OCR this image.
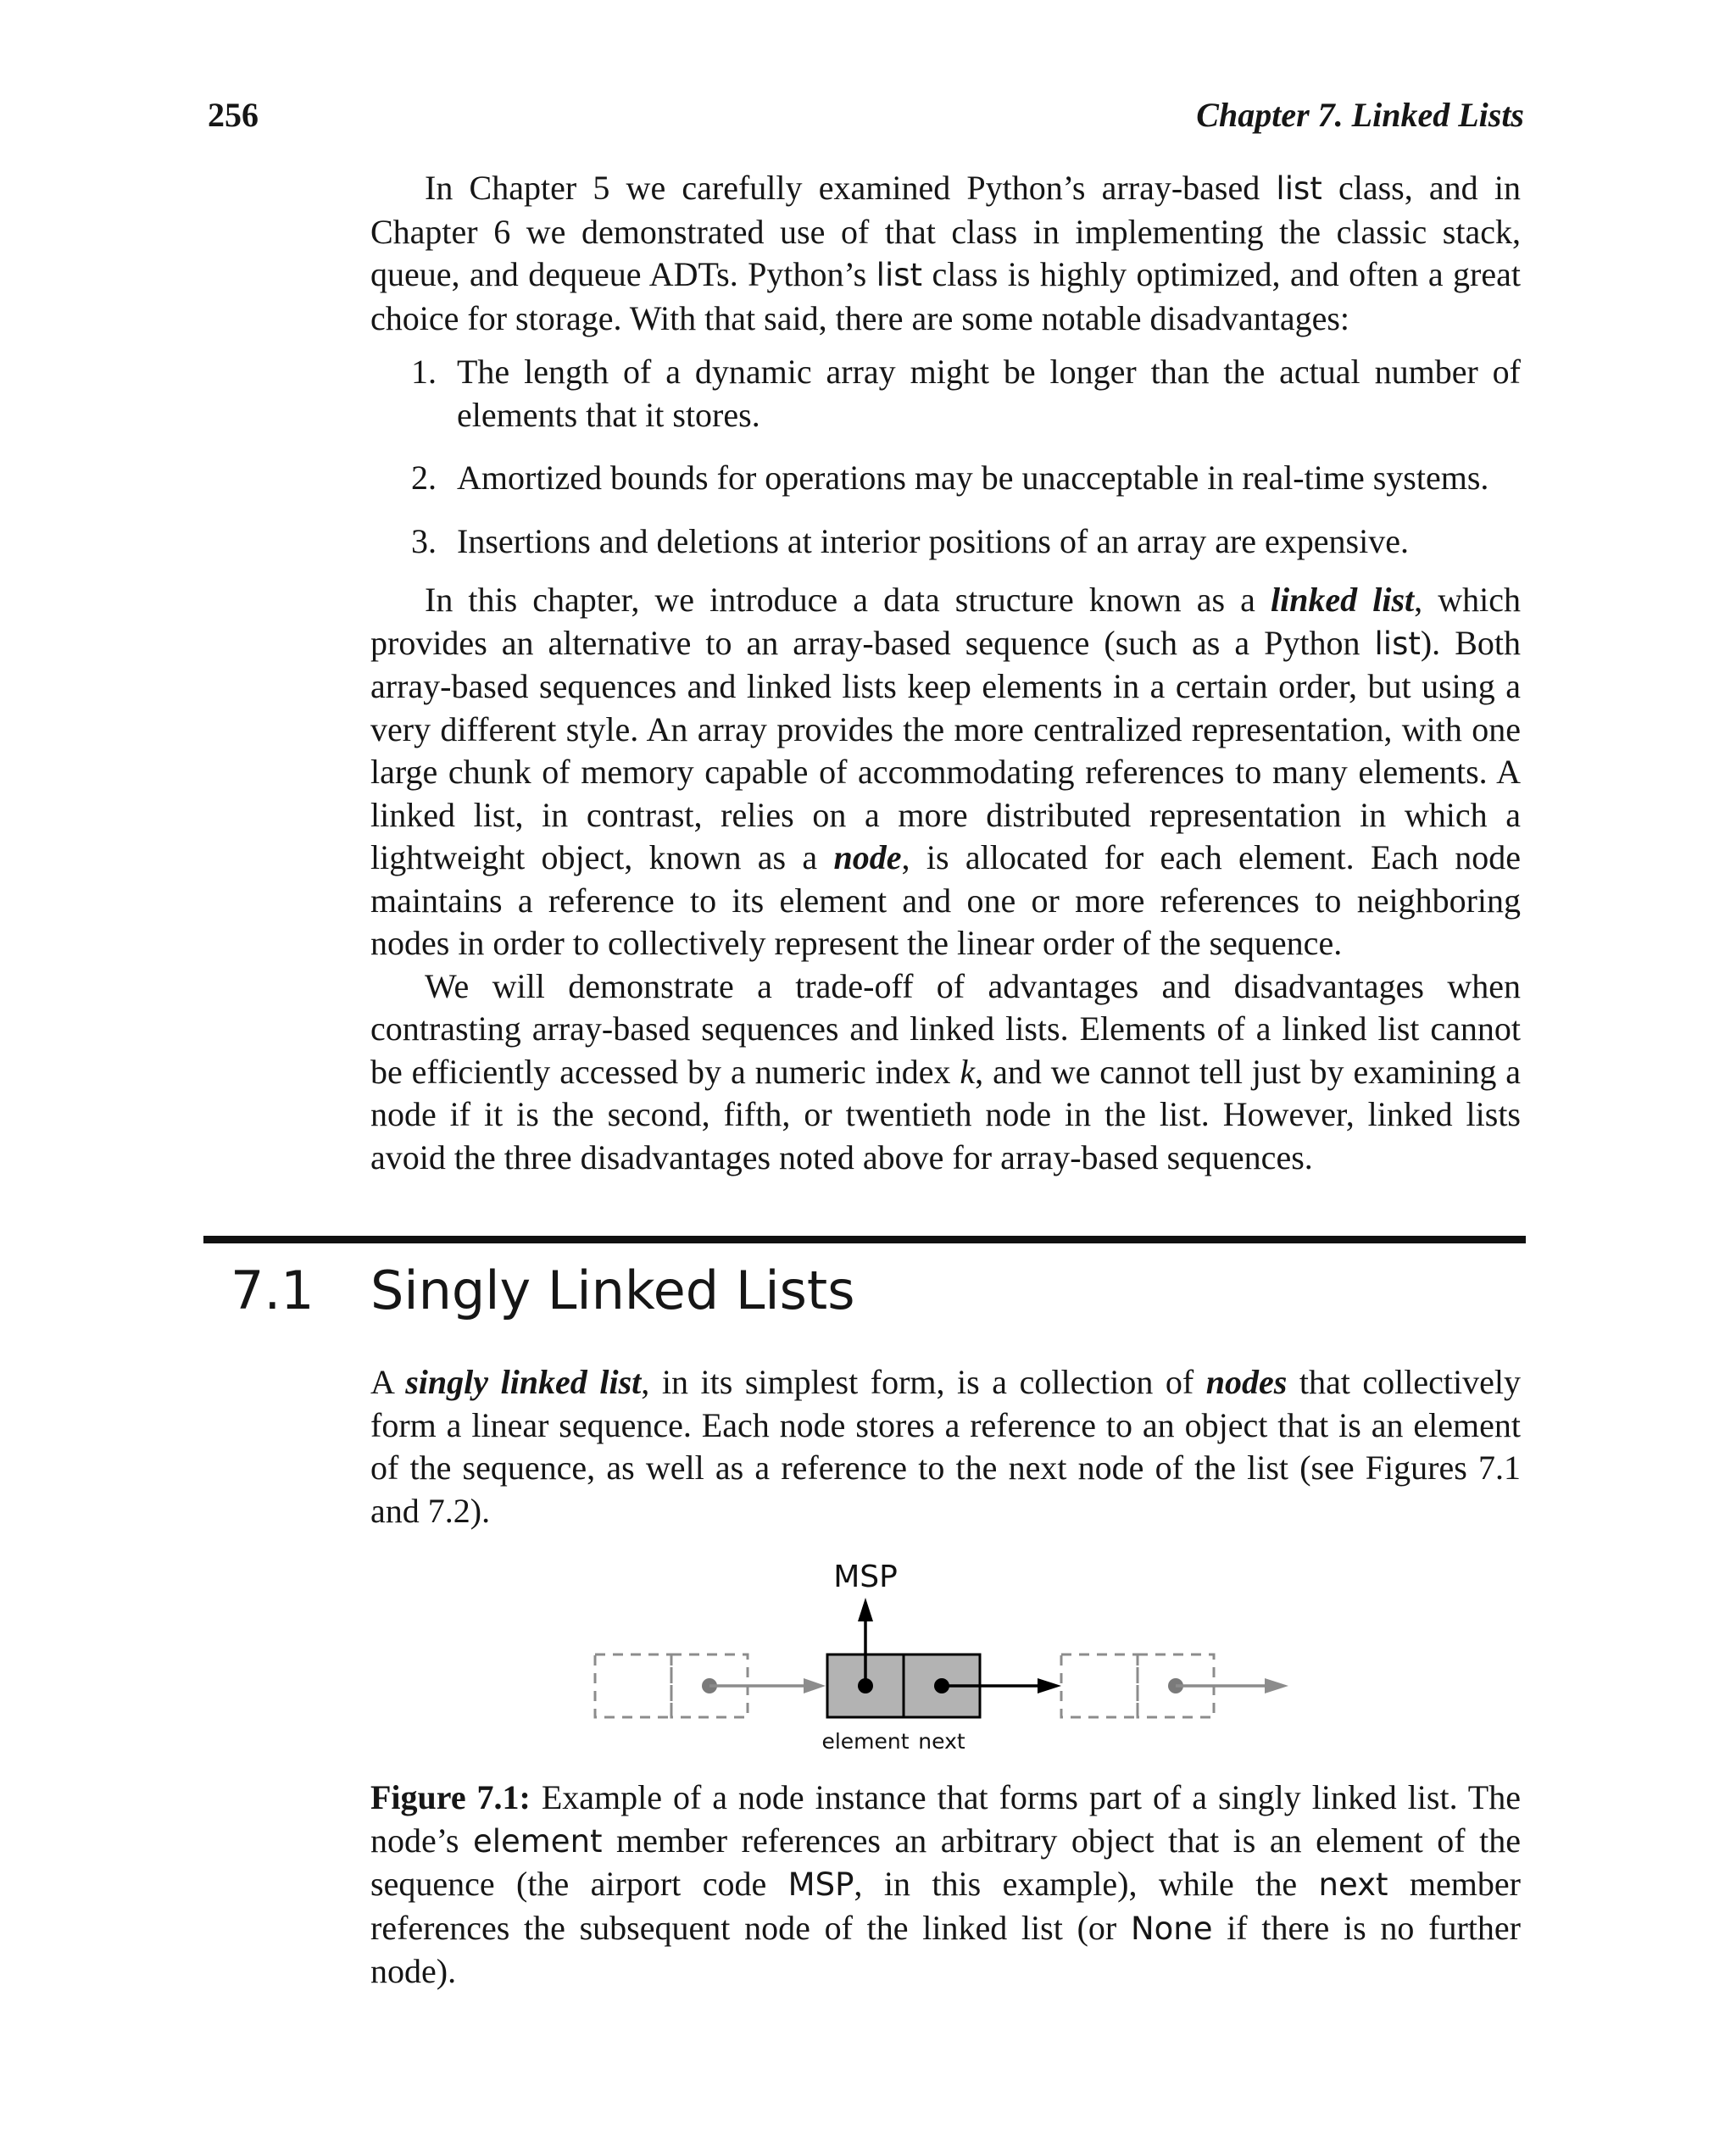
256	Chapter 7. Linked Lists

In Chapter 5 we carefully examined Python’s array-based list class, and in Chapter 6 we demonstrated use of that class in implementing the classic stack, queue, and dequeue ADTs. Python’s list class is highly optimized, and often a great choice for storage. With that said, there are some notable disadvantages:

1. The length of a dynamic array might be longer than the actual number of elements that it stores.
2. Amortized bounds for operations may be unacceptable in real-time systems.
3. Insertions and deletions at interior positions of an array are expensive.

In this chapter, we introduce a data structure known as a linked list, which provides an alternative to an array-based sequence (such as a Python list). Both array-based sequences and linked lists keep elements in a certain order, but using a very different style. An array provides the more centralized representation, with one large chunk of memory capable of accommodating references to many elements. A linked list, in contrast, relies on a more distributed representation in which a lightweight object, known as a node, is allocated for each element. Each node maintains a reference to its element and one or more references to neighboring nodes in order to collectively represent the linear order of the sequence.

We will demonstrate a trade-off of advantages and disadvantages when contrasting array-based sequences and linked lists. Elements of a linked list cannot be efficiently accessed by a numeric index k, and we cannot tell just by examining a node if it is the second, fifth, or twentieth node in the list. However, linked lists avoid the three disadvantages noted above for array-based sequences.

7.1 Singly Linked Lists

A singly linked list, in its simplest form, is a collection of nodes that collectively form a linear sequence. Each node stores a reference to an object that is an element of the sequence, as well as a reference to the next node of the list (see Figures 7.1 and 7.2).

MSP
element next

Figure 7.1: Example of a node instance that forms part of a singly linked list. The node’s element member references an arbitrary object that is an element of the sequence (the airport code MSP, in this example), while the next member references the subsequent node of the linked list (or None if there is no further node).
